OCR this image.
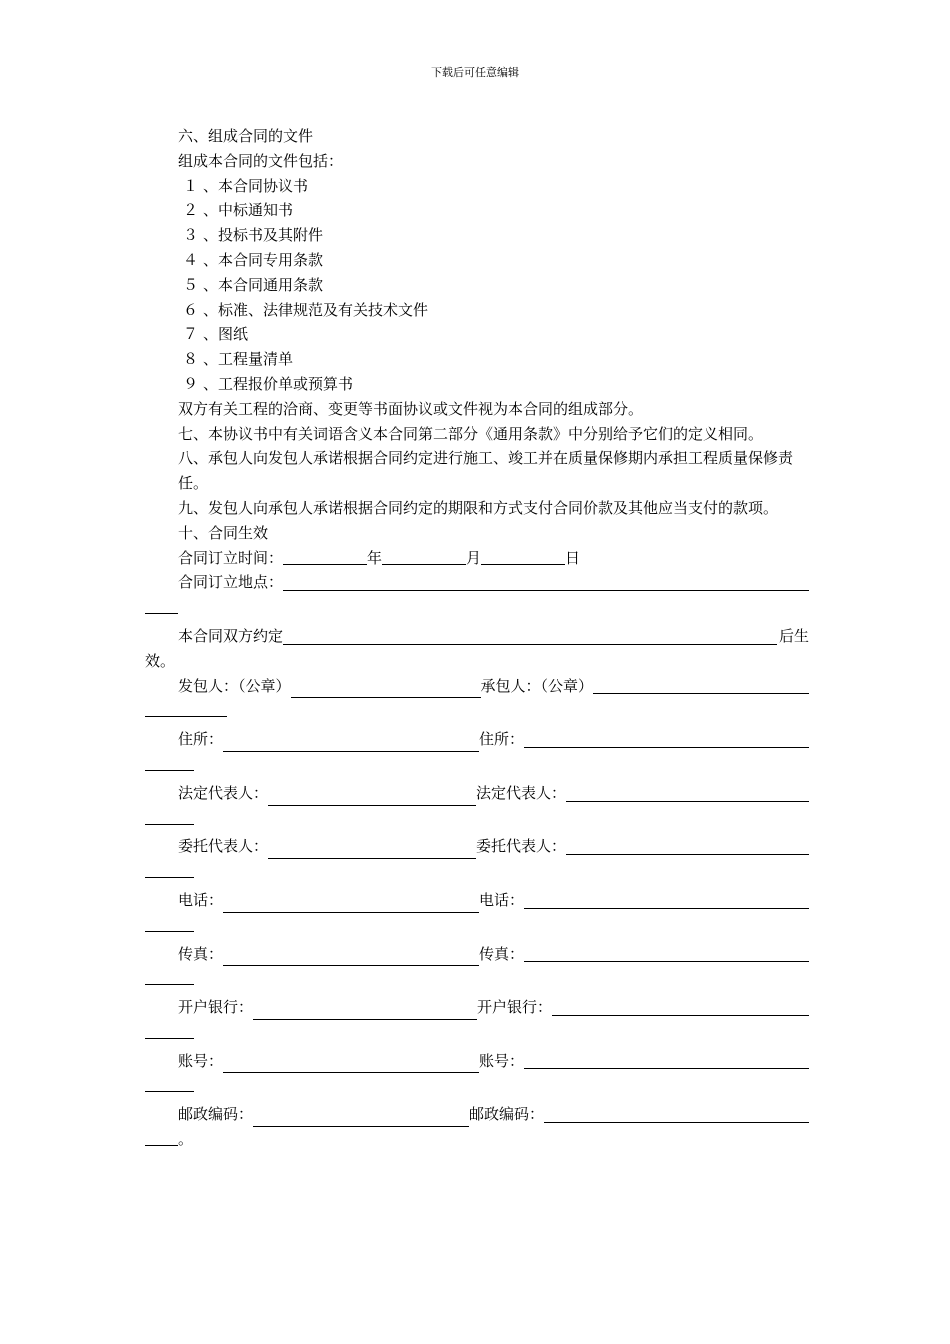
下载后可任意编辑

六、组成合同的文件

组成本合同的文件包括：

１ 、本合同协议书

２ 、中标通知书

３ 、投标书及其附件

４ 、本合同专用条款

５ 、本合同通用条款

６ 、标准、法律规范及有关技术文件

７ 、图纸

８ 、工程量清单

９ 、工程报价单或预算书

双方有关工程的洽商、变更等书面协议或文件视为本合同的组成部分。

七、本协议书中有关词语含义本合同第二部分《通用条款》中分别给予它们的定义相同。

八、承包人向发包人承诺根据合同约定进行施工、竣工并在质量保修期内承担工程质量保修责任。

九、发包人向承包人承诺根据合同约定的期限和方式支付合同价款及其他应当支付的款项。

十、合同生效

合同订立时间：	年	月	日

合同订立地点：

本合同双方约定	后生

效。

发包人：（公章）	承包人：（公章）

住所：	住所：

法定代表人：	法定代表人：

委托代表人：	委托代表人：

电话：	电话：

传真：	传真：

开户银行：	开户银行：

账号：	账号：

邮政编码：	邮政编码：

。
